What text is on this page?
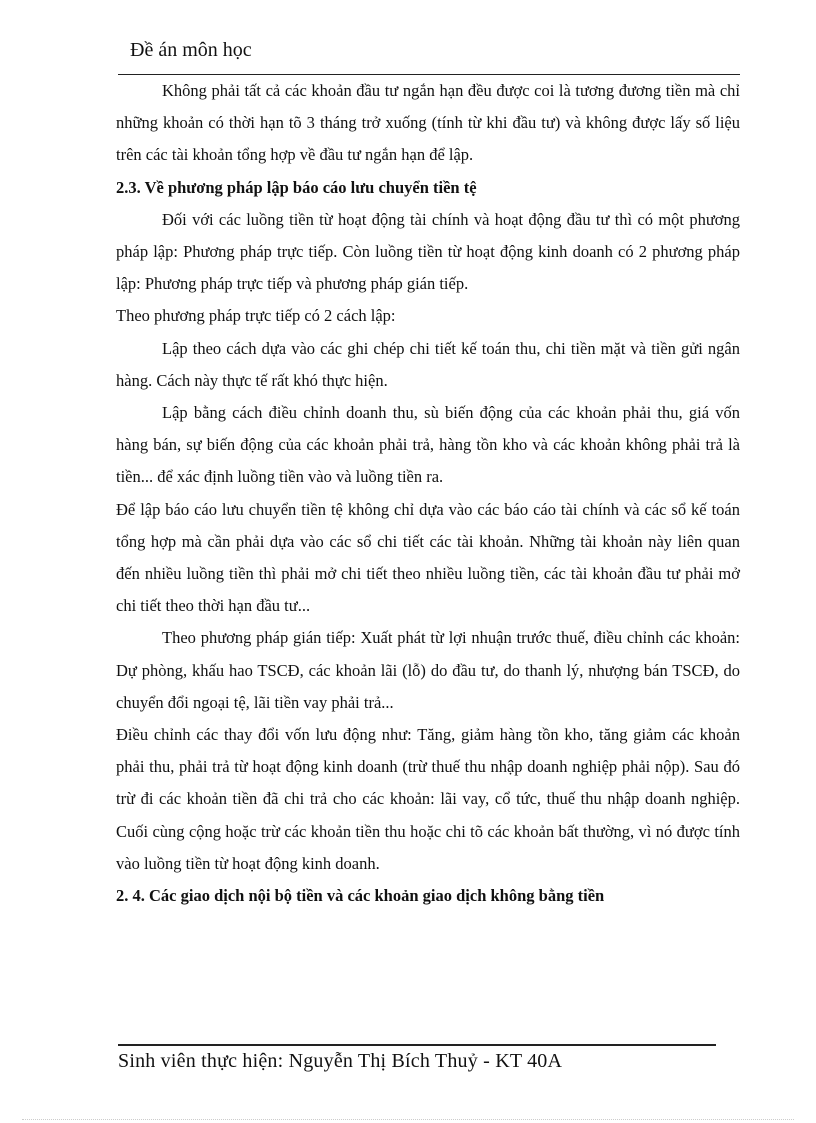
Đề án môn học

Không phải tất cả các khoản đầu tư ngắn hạn đều được coi là tương đương tiền mà chỉ những khoản có thời hạn tõ 3 tháng trở xuống (tính từ khi đầu tư) và không được lấy số liệu trên các tài khoản tổng hợp về đầu tư ngắn hạn để lập.

2.3. Về phương pháp lập báo cáo lưu chuyển tiền tệ

Đối với các luồng tiền từ hoạt động tài chính và hoạt động đầu tư thì có một phương pháp lập: Phương pháp trực tiếp. Còn luồng tiền từ hoạt động kinh doanh có 2 phương pháp lập: Phương pháp trực tiếp và phương pháp gián tiếp.

Theo phương pháp trực tiếp có 2 cách lập:

Lập theo cách dựa vào các ghi chép chi tiết kế toán thu, chi tiền mặt và tiền gửi ngân hàng. Cách này thực tế rất khó thực hiện.

Lập bằng cách điều chỉnh doanh thu, sù biến động của các khoản phải thu, giá vốn hàng bán, sự biến động của các khoản phải trả, hàng tồn kho và các khoản không phải trả là tiền... để xác định luồng tiền vào và luồng tiền ra.

Để lập báo cáo lưu chuyển tiền tệ không chỉ dựa vào các báo cáo tài chính và các sổ kế toán tổng hợp mà cần phải dựa vào các sổ chi tiết các tài khoản. Những tài khoản này liên quan đến nhiều luồng tiền thì phải mở chi tiết theo nhiều luồng tiền, các tài khoản đầu tư phải mở chi tiết theo thời hạn đầu tư...

Theo phương pháp gián tiếp: Xuất phát từ lợi nhuận trước thuế, điều chỉnh các khoản: Dự phòng, khấu hao TSCĐ, các khoản lãi (lỗ) do đầu tư, do thanh lý, nhượng bán TSCĐ, do chuyển đổi ngoại tệ, lãi tiền vay phải trả...

Điều chỉnh các thay đổi vốn lưu động như: Tăng, giảm hàng tồn kho, tăng giảm các khoản phải thu, phải trả từ hoạt động kinh doanh (trừ thuế thu nhập doanh nghiệp phải nộp). Sau đó trừ đi các khoản tiền đã chi trả cho các khoản: lãi vay, cổ tức, thuế thu nhập doanh nghiệp. Cuối cùng cộng hoặc trừ các khoản tiền thu hoặc chi tõ các khoản bất thường, vì nó được tính vào luồng tiền từ hoạt động kinh doanh.

2. 4. Các giao dịch nội bộ tiền và các khoản giao dịch không bằng tiền
Sinh viên thực hiện: Nguyễn Thị Bích Thuỷ - KT 40A
